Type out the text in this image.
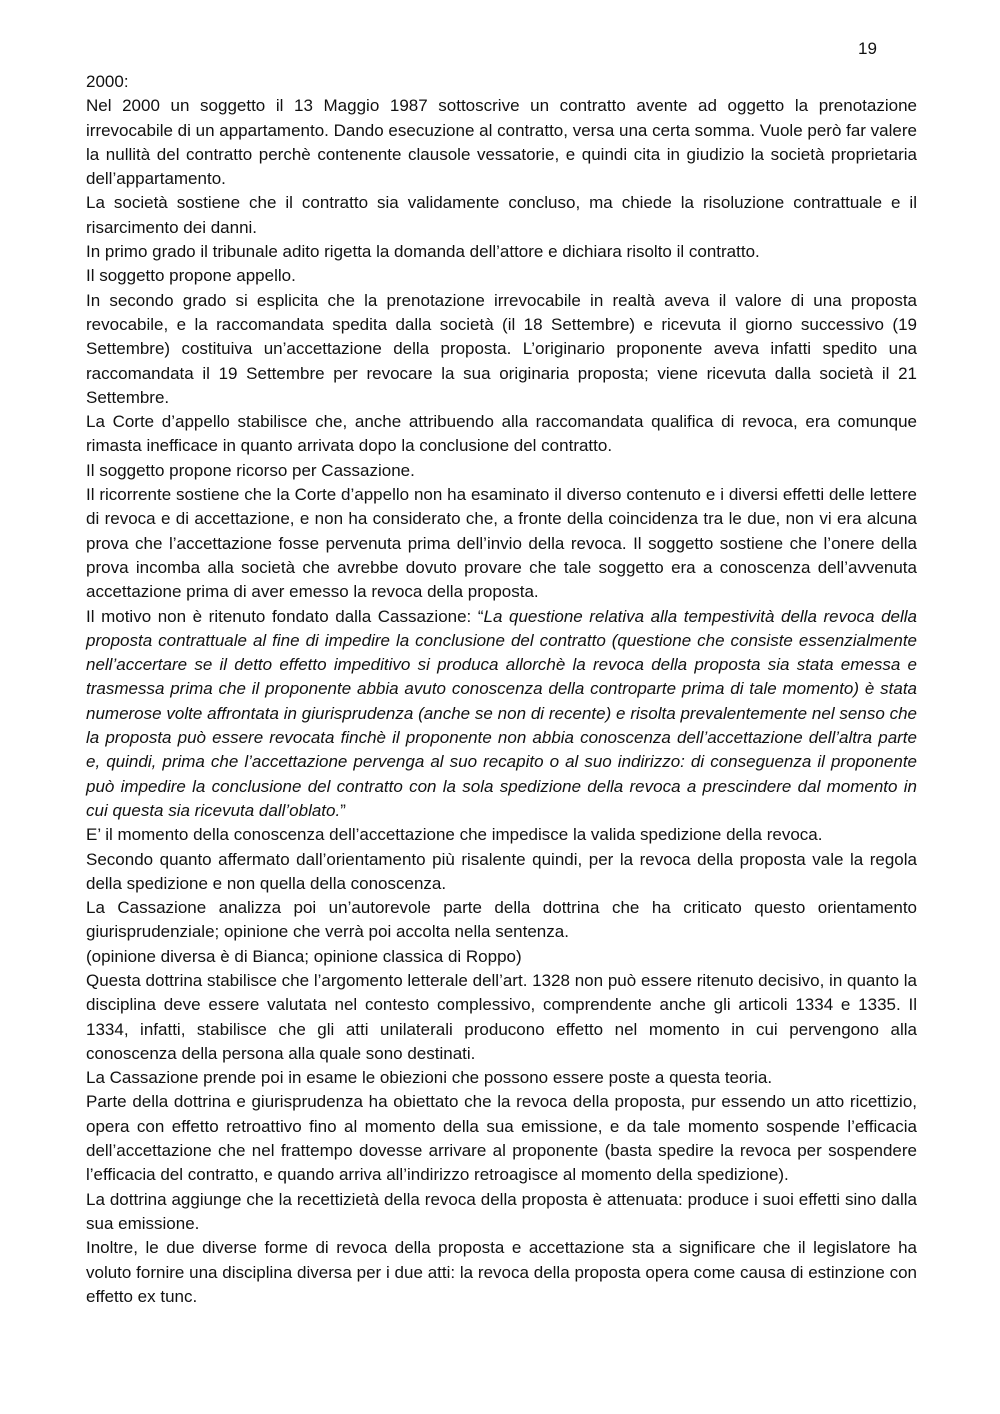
19

2000:

Nel 2000 un soggetto il 13 Maggio 1987 sottoscrive un contratto avente ad oggetto la prenotazione irrevocabile di un appartamento. Dando esecuzione al contratto, versa una certa somma. Vuole però far valere la nullità del contratto perchè contenente clausole vessatorie, e quindi cita in giudizio la società proprietaria dell’appartamento.

La società sostiene che il contratto sia validamente concluso, ma chiede la risoluzione contrattuale e il risarcimento dei danni.

In primo grado il tribunale adito rigetta la domanda dell’attore e dichiara risolto il contratto.

Il soggetto propone appello.

In secondo grado si esplicita che la prenotazione irrevocabile in realtà aveva il valore di una proposta revocabile, e la raccomandata spedita dalla società (il 18 Settembre) e ricevuta il giorno successivo (19 Settembre) costituiva un’accettazione della proposta. L’originario proponente aveva infatti spedito una raccomandata il 19 Settembre per revocare la sua originaria proposta; viene ricevuta dalla società il 21 Settembre.

La Corte d’appello stabilisce che, anche attribuendo alla raccomandata qualifica di revoca, era comunque rimasta inefficace in quanto arrivata dopo la conclusione del contratto.

Il soggetto propone ricorso per Cassazione.

Il ricorrente sostiene che la Corte d’appello non ha esaminato il diverso contenuto e i diversi effetti delle lettere di revoca e di accettazione, e non ha considerato che, a fronte della coincidenza tra le due, non vi era alcuna prova che l’accettazione fosse pervenuta prima dell’invio della revoca. Il soggetto sostiene che l’onere della prova incomba alla società che avrebbe dovuto provare che tale soggetto era a conoscenza dell’avvenuta accettazione prima di aver emesso la revoca della proposta.

Il motivo non è ritenuto fondato dalla Cassazione: “La questione relativa alla tempestività della revoca della proposta contrattuale al fine di impedire la conclusione del contratto (questione che consiste essenzialmente nell’accertare se il detto effetto impeditivo si produca allorchè la revoca della proposta sia stata emessa e trasmessa prima che il proponente abbia avuto conoscenza della controparte prima di tale momento) è stata numerose volte affrontata in giurisprudenza (anche se non di recente) e risolta prevalentemente nel senso che la proposta può essere revocata finchè il proponente non abbia conoscenza dell’accettazione dell’altra parte e, quindi, prima che l’accettazione pervenga al suo recapito o al suo indirizzo: di conseguenza il proponente può impedire la conclusione del contratto con la sola spedizione della revoca a prescindere dal momento in cui questa sia ricevuta dall’oblato.”

E’ il momento della conoscenza dell’accettazione che impedisce la valida spedizione della revoca.

Secondo quanto affermato dall’orientamento più risalente quindi, per la revoca della proposta vale la regola della spedizione e non quella della conoscenza.

La Cassazione analizza poi un’autorevole parte della dottrina che ha criticato questo orientamento giurisprudenziale; opinione che verrà poi accolta nella sentenza.

(opinione diversa è di Bianca; opinione classica di Roppo)

Questa dottrina stabilisce che l’argomento letterale dell’art. 1328 non può essere ritenuto decisivo, in quanto la disciplina deve essere valutata nel contesto complessivo, comprendente anche gli articoli 1334 e 1335. Il 1334, infatti, stabilisce che gli atti unilaterali producono effetto nel momento in cui pervengono alla conoscenza della persona alla quale sono destinati.

La Cassazione prende poi in esame le obiezioni che possono essere poste a questa teoria.

Parte della dottrina e giurisprudenza ha obiettato che la revoca della proposta, pur essendo un atto ricettizio, opera con effetto retroattivo fino al momento della sua emissione, e da tale momento sospende l’efficacia dell’accettazione che nel frattempo dovesse arrivare al proponente (basta spedire la revoca per sospendere l’efficacia del contratto, e quando arriva all’indirizzo retroagisce al momento della spedizione).

La dottrina aggiunge che la recettizietà della revoca della proposta è attenuata: produce i suoi effetti sino dalla sua emissione.

Inoltre, le due diverse forme di revoca della proposta e accettazione sta a significare che il legislatore ha voluto fornire una disciplina diversa per i due atti: la revoca della proposta opera come causa di estinzione con effetto ex tunc.
